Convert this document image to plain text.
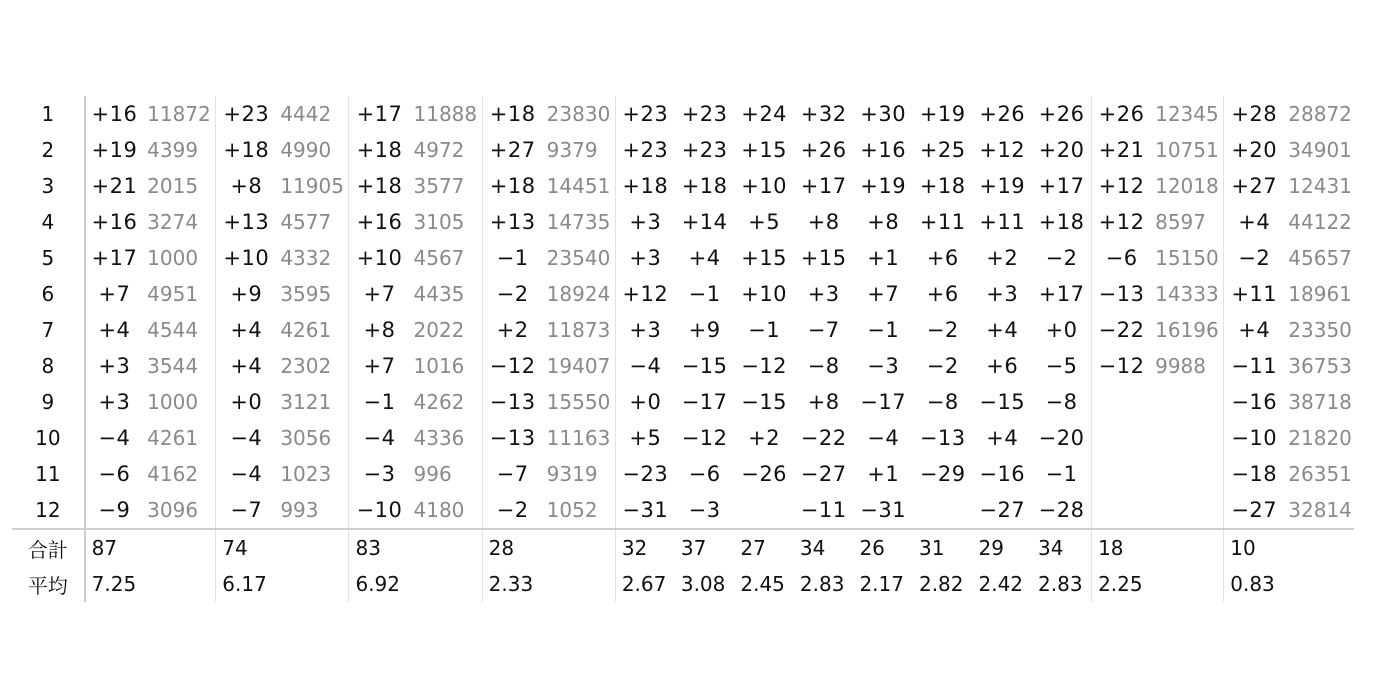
1	+16	11872	+23	4442	+17	11888	+18	23830	+23	+23	+24	+32	+30	+19	+26	+26	+26	12345	+28	28872
2	+19	4399	+18	4990	+18	4972	+27	9379	+23	+23	+15	+26	+16	+25	+12	+20	+21	10751	+20	34901
3	+21	2015	+8	11905	+18	3577	+18	14451	+18	+18	+10	+17	+19	+18	+19	+17	+12	12018	+27	12431
4	+16	3274	+13	4577	+16	3105	+13	14735	+3	+14	+5	+8	+8	+11	+11	+18	+12	8597	+4	44122
5	+17	1000	+10	4332	+10	4567	−1	23540	+3	+4	+15	+15	+1	+6	+2	−2	−6	15150	−2	45657
6	+7	4951	+9	3595	+7	4435	−2	18924	+12	−1	+10	+3	+7	+6	+3	+17	−13	14333	+11	18961
7	+4	4544	+4	4261	+8	2022	+2	11873	+3	+9	−1	−7	−1	−2	+4	+0	−22	16196	+4	23350
8	+3	3544	+4	2302	+7	1016	−12	19407	−4	−15	−12	−8	−3	−2	+6	−5	−12	9988	−11	36753
9	+3	1000	+0	3121	−1	4262	−13	15550	+0	−17	−15	+8	−17	−8	−15	−8			−16	38718
10	−4	4261	−4	3056	−4	4336	−13	11163	+5	−12	+2	−22	−4	−13	+4	−20			−10	21820
11	−6	4162	−4	1023	−3	996	−7	9319	−23	−6	−26	−27	+1	−29	−16	−1			−18	26351
12	−9	3096	−7	993	−10	4180	−2	1052	−31	−3		−11	−31		−27	−28			−27	32814
合計	87		74		83		28		32	37	27	34	26	31	29	34	18		10	
平均	7.25		6.17		6.92		2.33		2.67	3.08	2.45	2.83	2.17	2.82	2.42	2.83	2.25		0.83	
